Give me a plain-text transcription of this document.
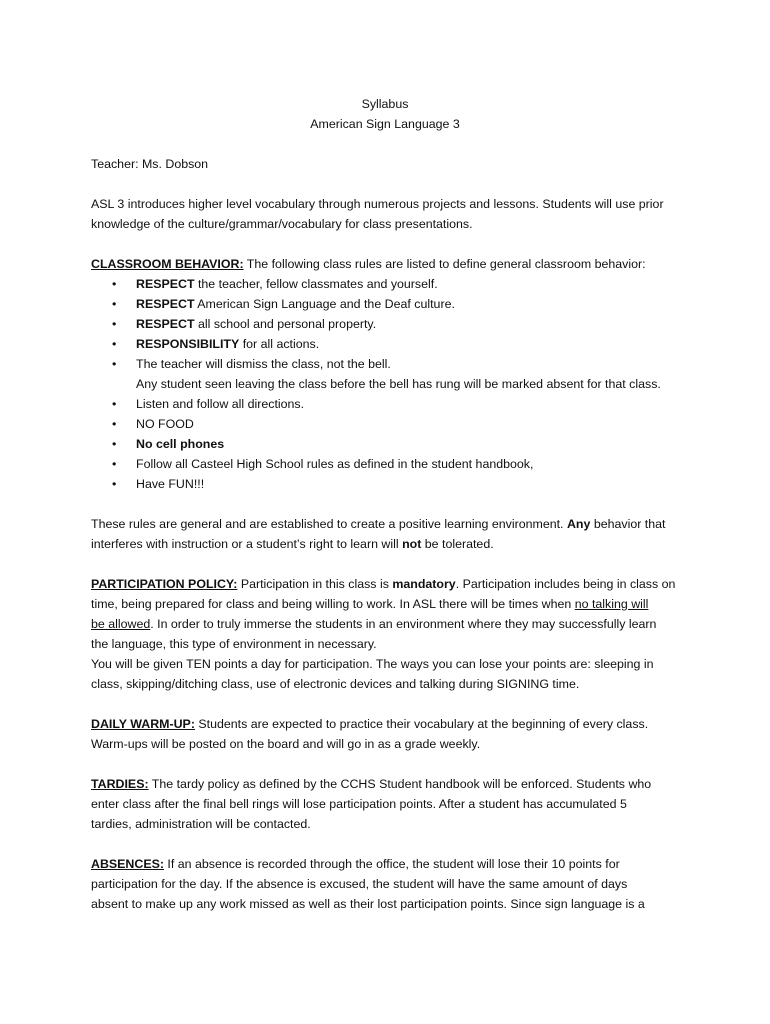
Syllabus
American Sign Language 3

Teacher: Ms. Dobson

ASL 3 introduces higher level vocabulary through numerous projects and lessons. Students will use prior

knowledge of the culture/grammar/vocabulary for class presentations.

CLASSROOM BEHAVIOR: The following class rules are listed to define general classroom behavior:

• RESPECT the teacher, fellow classmates and yourself.
• RESPECT American Sign Language and the Deaf culture.
• RESPECT all school and personal property.
• RESPONSIBILITY for all actions.
• The teacher will dismiss the class, not the bell.
Any student seen leaving the class before the bell has rung will be marked absent for that class.
• Listen and follow all directions.
• NO FOOD
• No cell phones
• Follow all Casteel High School rules as defined in the student handbook,
• Have FUN!!!

These rules are general and are established to create a positive learning environment. Any behavior that

interferes with instruction or a student’s right to learn will not be tolerated.

PARTICIPATION POLICY: Participation in this class is mandatory. Participation includes being in class on

time, being prepared for class and being willing to work. In ASL there will be times when no talking will

be allowed. In order to truly immerse the students in an environment where they may successfully learn

the language, this type of environment in necessary.

You will be given TEN points a day for participation. The ways you can lose your points are: sleeping in

class, skipping/ditching class, use of electronic devices and talking during SIGNING time.

DAILY WARM-UP: Students are expected to practice their vocabulary at the beginning of every class.

Warm-ups will be posted on the board and will go in as a grade weekly.

TARDIES: The tardy policy as defined by the CCHS Student handbook will be enforced. Students who

enter class after the final bell rings will lose participation points. After a student has accumulated 5

tardies, administration will be contacted.

ABSENCES: If an absence is recorded through the office, the student will lose their 10 points for

participation for the day. If the absence is excused, the student will have the same amount of days

absent to make up any work missed as well as their lost participation points. Since sign language is a
